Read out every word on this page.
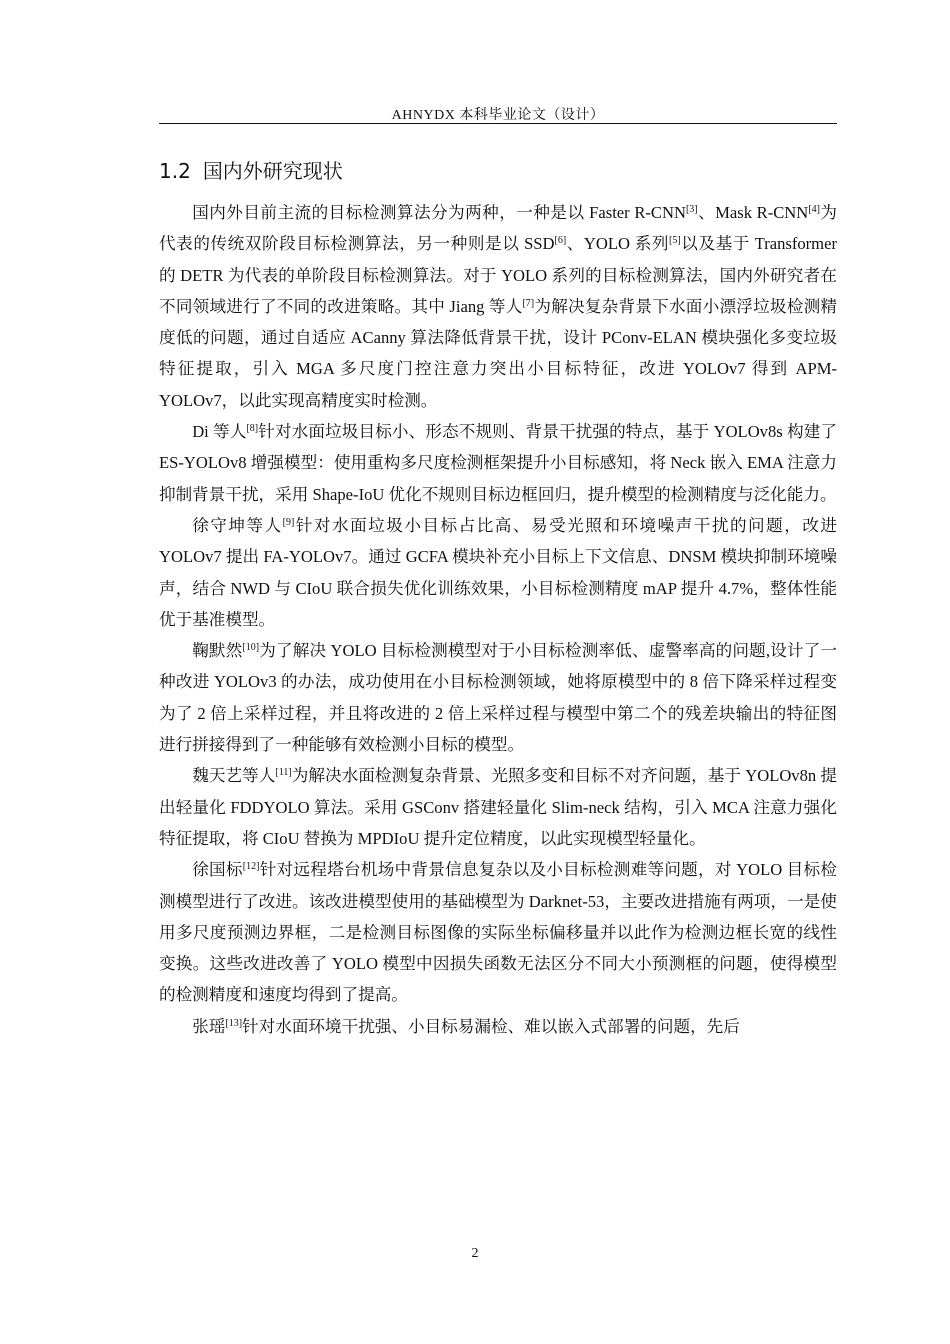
AHNYDX 本科毕业论文（设计）
1.2 国内外研究现状

国内外目前主流的目标检测算法分为两种，一种是以 Faster R-CNN[3]、Mask R-CNN[4]为代表的传统双阶段目标检测算法，另一种则是以 SSD[6]、YOLO 系列[5]以及基于 Transformer 的 DETR 为代表的单阶段目标检测算法。对于 YOLO 系列的目标检测算法，国内外研究者在不同领域进行了不同的改进策略。其中 Jiang 等人[7]为解决复杂背景下水面小漂浮垃圾检测精度低的问题，通过自适应 ACanny 算法降低背景干扰，设计 PConv-ELAN 模块强化多变垃圾特征提取，引入 MGA 多尺度门控注意力突出小目标特征，改进 YOLOv7 得到 APM-YOLOv7，以此实现高精度实时检测。

Di 等人[8]针对水面垃圾目标小、形态不规则、背景干扰强的特点，基于 YOLOv8s 构建了 ES-YOLOv8 增强模型：使用重构多尺度检测框架提升小目标感知，将 Neck 嵌入 EMA 注意力抑制背景干扰，采用 Shape-IoU 优化不规则目标边框回归，提升模型的检测精度与泛化能力。

徐守坤等人[9]针对水面垃圾小目标占比高、易受光照和环境噪声干扰的问题，改进 YOLOv7 提出 FA-YOLOv7。通过 GCFA 模块补充小目标上下文信息、DNSM 模块抑制环境噪声，结合 NWD 与 CIoU 联合损失优化训练效果，小目标检测精度 mAP 提升 4.7%，整体性能优于基准模型。

鞠默然[10]为了解决 YOLO 目标检测模型对于小目标检测率低、虚警率高的问题,设计了一种改进 YOLOv3 的办法，成功使用在小目标检测领域，她将原模型中的 8 倍下降采样过程变为了 2 倍上采样过程，并且将改进的 2 倍上采样过程与模型中第二个的残差块输出的特征图进行拼接得到了一种能够有效检测小目标的模型。

魏天艺等人[11]为解决水面检测复杂背景、光照多变和目标不对齐问题，基于 YOLOv8n 提出轻量化 FDDYOLO 算法。采用 GSConv 搭建轻量化 Slim-neck 结构，引入 MCA 注意力强化特征提取，将 CIoU 替换为 MPDIoU 提升定位精度，以此实现模型轻量化。

徐国标[12]针对远程塔台机场中背景信息复杂以及小目标检测难等问题，对 YOLO 目标检测模型进行了改进。该改进模型使用的基础模型为 Darknet-53，主要改进措施有两项，一是使用多尺度预测边界框，二是检测目标图像的实际坐标偏移量并以此作为检测边框长宽的线性变换。这些改进改善了 YOLO 模型中因损失函数无法区分不同大小预测框的问题，使得模型的检测精度和速度均得到了提高。

张瑶[13]针对水面环境干扰强、小目标易漏检、难以嵌入式部署的问题，先后

2
